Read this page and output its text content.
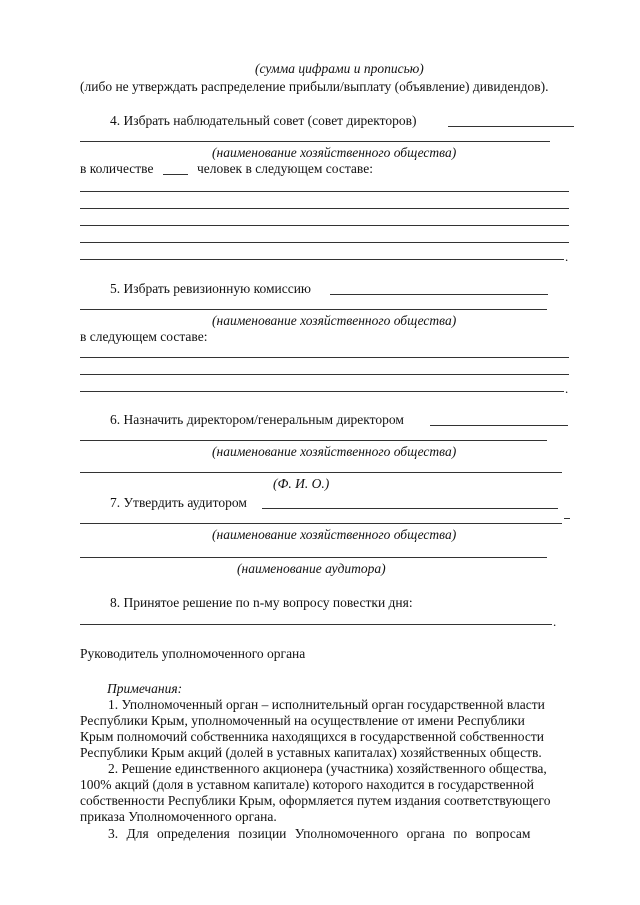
(сумма цифрами и прописью)
(либо не утверждать распределение прибыли/выплату (объявление) дивидендов).
4. Избрать наблюдательный совет (совет директоров)
(наименование хозяйственного общества)
в количестве	человек в следующем составе:
.
5. Избрать ревизионную комиссию
(наименование хозяйственного общества)
в следующем составе:
.
6. Назначить директором/генеральным директором
(наименование хозяйственного общества)
(Ф. И. О.)
7. Утвердить аудитором
(наименование хозяйственного общества)
(наименование аудитора)
8. Принятое решение по n-му вопросу повестки дня:
.
Руководитель уполномоченного органа
Примечания:
1. Уполномоченный орган – исполнительный орган государственной власти
Республики Крым, уполномоченный на осуществление от имени Республики
Крым полномочий собственника находящихся в государственной собственности
Республики Крым акций (долей в уставных капиталах) хозяйственных обществ.
2. Решение единственного акционера (участника) хозяйственного общества,
100% акций (доля в уставном капитале) которого находится в государственной
собственности Республики Крым, оформляется путем издания соответствующего
приказа Уполномоченного органа.
3. Для определения позиции Уполномоченного органа по вопросам
